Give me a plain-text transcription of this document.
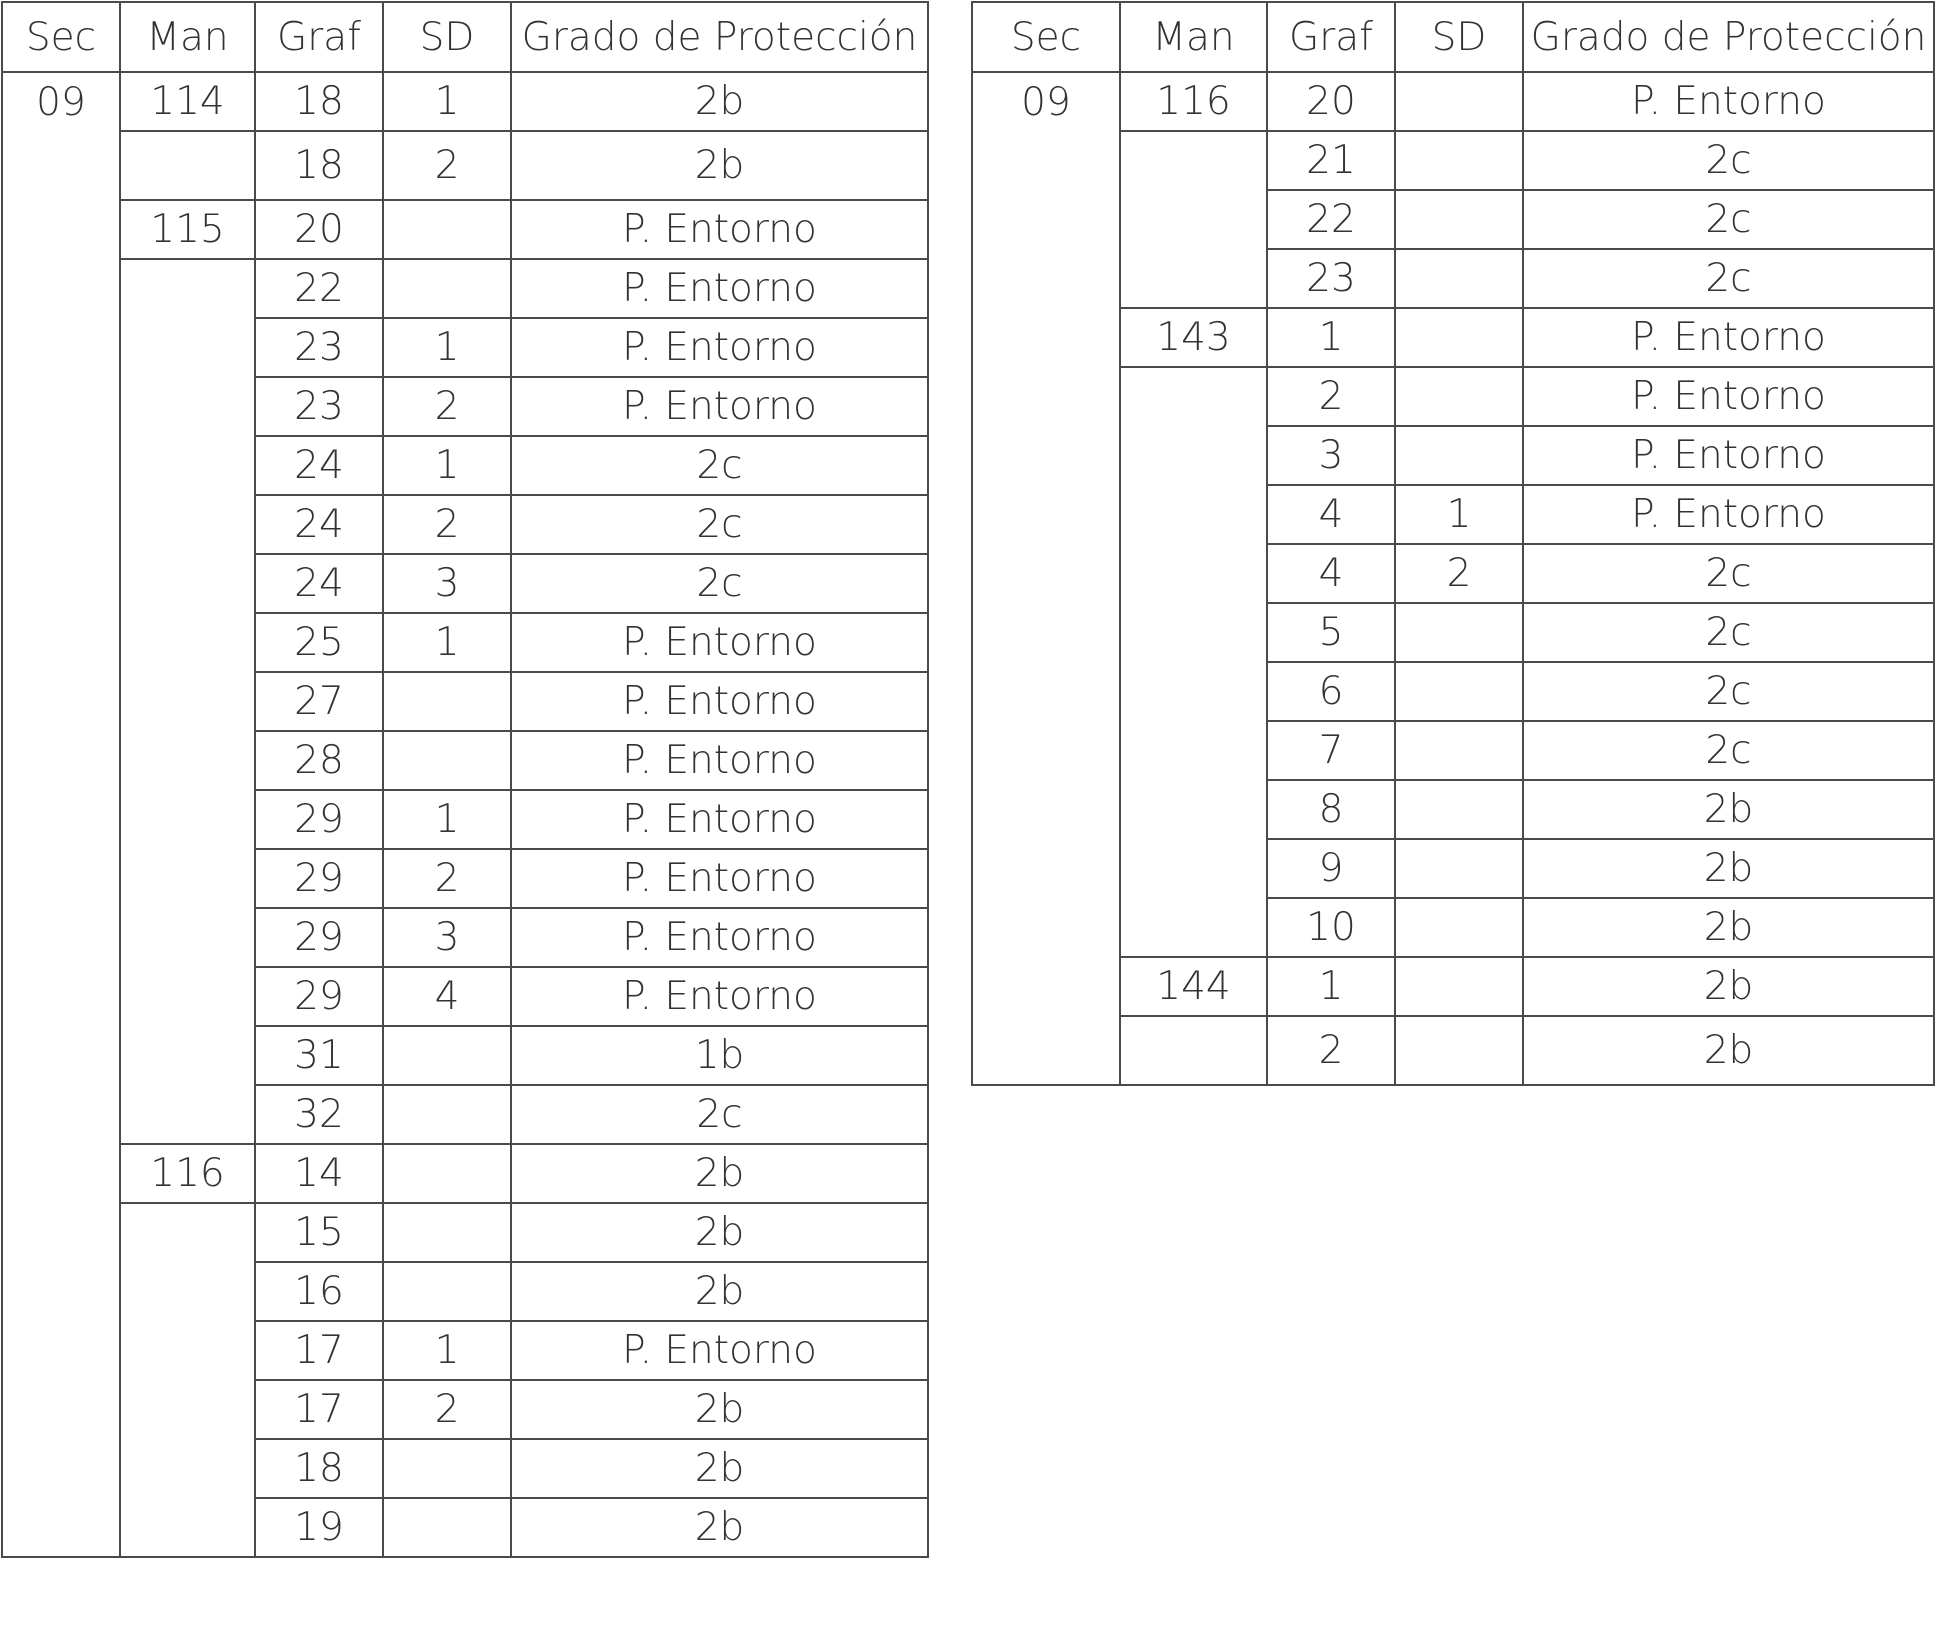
Sec	Man	Graf	SD	Grado de Protección
09	114	18	1	2b
		18	2	2b
	115	20		P. Entorno
		22		P. Entorno
		23	1	P. Entorno
		23	2	P. Entorno
		24	1	2c
		24	2	2c
		24	3	2c
		25	1	P. Entorno
		27		P. Entorno
		28		P. Entorno
		29	1	P. Entorno
		29	2	P. Entorno
		29	3	P. Entorno
		29	4	P. Entorno
		31		1b
		32		2c
	116	14		2b
		15		2b
		16		2b
		17	1	P. Entorno
		17	2	2b
		18		2b
		19		2b
Sec	Man	Graf	SD	Grado de Protección
09	116	20		P. Entorno
		21		2c
		22		2c
		23		2c
	143	1		P. Entorno
		2		P. Entorno
		3		P. Entorno
		4	1	P. Entorno
		4	2	2c
		5		2c
		6		2c
		7		2c
		8		2b
		9		2b
		10		2b
	144	1		2b
		2		2b
